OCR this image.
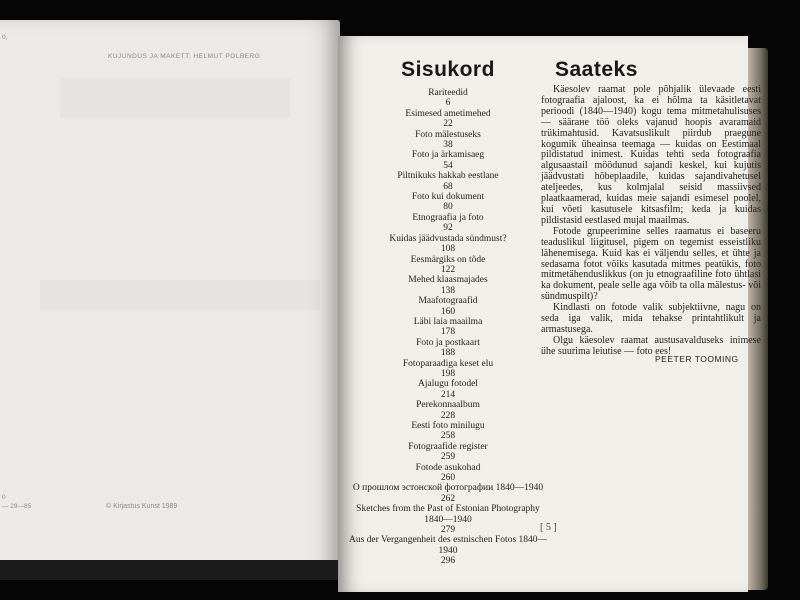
0,
KUJUNDUS JA MAKETT: HELMUT POLBERG
0
— 29—85	© Kirjastus Kunst 1989
Sisukord
Rariteedid
6
Esimesed ametimehed
22
Foto mälestuseks
38
Foto ja ärkamisaeg
54
Piltnikuks hakkab eestlane
68
Foto kui dokument
80
Etnograafia ja foto
92
Kuidas jäädvustada sündmust?
108
Eesmärgiks on tõde
122
Mehed klaasmajades
138
Maafotograafid
160
Läbi laia maailma
178
Foto ja postkaart
188
Fotoparaadiga keset elu
198
Ajalugu fotodel
214
Perekonnaalbum
228
Eesti foto minilugu
258
Fotograafide register
259
Fotode asukohad
260
О прошлом эстонской фотографии 1840—1940
262
Sketches from the Past of Estonian Photography 1840—1940
279
Aus der Vergangenheit des estnischen Fotos 1840—1940
296
Saateks

Käesolev raamat pole põhjalik ülevaade eesti fotograafia ajaloost, ka ei hõlma ta käsitletavat perioodi (1840—1940) kogu tema mitmetahulisuses — sääraне töö oleks vajanud hoopis avaramaid trükimahtusid. Kavatsuslikult piirdub praegune kogumik üheainsa teemaga — kuidas on Eestimaal pildistatud inimest. Kuidas tehti seda fotograafia algusaastail möödunud sajandi keskel, kui kujutis jäädvustati hõbeplaadile, kuidas sajandivahetusel ateljeedes, kus kolmjalal seisid massiivsed plaatkaamerad, kuidas meie sajandi esimesel poolel, kui võeti kasutusele kitsasfilm; keda ja kuidas pildistasid eestlased mujal maailmas.

Fotode grupeerimine selles raamatus ei baseeru teaduslikul liigitusel, pigem on tegemist esseistliku lähenemisega. Kuid kas ei väljendu selles, et ühte ja sedasama fotot võiks kasutada mitmes peatükis, foto mitmetähenduslikkus (on ju etnograafiline foto ühtlasi ka dokument, peale selle aga võib ta olla mälestus- või sündmuspilt)?

Kindlasti on fotode valik subjektiivne, nagu on seda iga valik, mida tehakse printahtlikult ja armastusega.

Olgu käesolev raamat austusavalduseks inimese ühe suurima leiutise — foto ees!

PEETER TOOMING
[ 5 ]
